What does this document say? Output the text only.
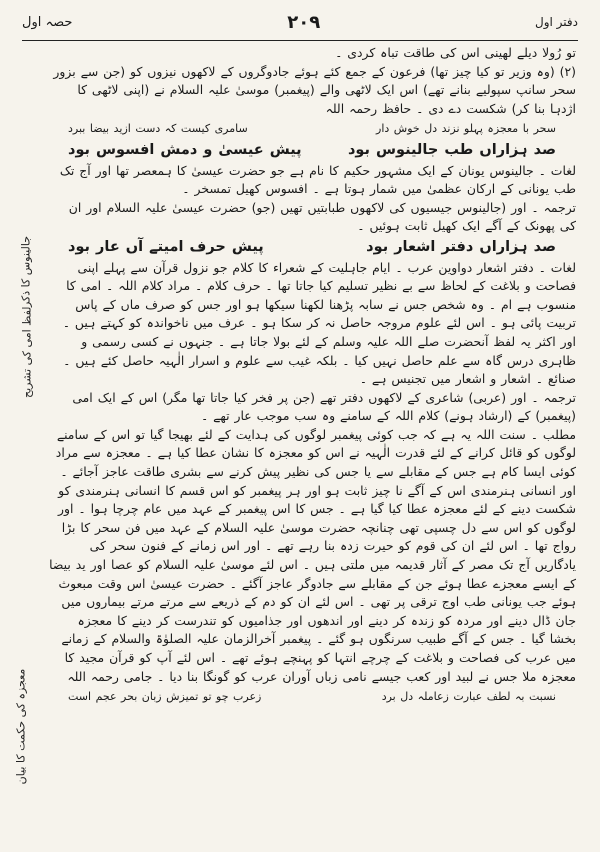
دفتر اول
۲۰۹
حصہ اول

تو رُولا دیلے لھینی اس کی طاقت تباہ کردی ۔

(۲) (وہ وزیر تو کیا چیز تھا) فرعون کے جمع کئے ہوئے جادوگروں کے لاکھوں نیزوں کو (جن سے بزور سحر سانپ سپولیے بنانے تھے) اس ایک لاٹھی والے (پیغمبر) موسیٰ علیہ السلام نے (اپنی لاٹھی کا اژدہا بنا کر) شکست دے دی ۔ حافظ رحمہ اللہ

سحر با معجزہ پہلو نزند دل خوش دار
سامری کیست کہ دست ازید بیضا ببرد
صد ہزاراں طب جالینوس بود
پیش عیسیٰ و دمش افسوس بود

لغات ۔ جالینوس یونان کے ایک مشہور حکیم کا نام ہے جو حضرت عیسیٰ کا ہمعصر تھا اور آج تک طب یونانی کے ارکان عظمیٰ میں شمار ہوتا ہے ۔ افسوس کھیل تمسخر ۔

ترجمہ ۔ اور (جالینوس جیسیوں کی لاکھوں طبابتیں تھیں (جو) حضرت عیسیٰ علیہ السلام اور ان کی پھونک کے آگے ایک کھیل ثابت ہوئیں ۔

صد ہزاراں دفتر اشعار بود
پیش حرف امیتے آں عار بود

لغات ۔ دفتر اشعار دواوین عرب ۔ ایام جاہلیت کے شعراء کا کلام جو نزول قرآن سے پہلے اپنی فصاحت و بلاغت کے لحاظ سے بے نظیر تسلیم کیا جاتا تھا ۔ حرف کلام ۔ مراد کلام اللہ ۔ امی کا منسوب ہے ام ۔ وہ شخص جس نے سابہ پڑھنا لکھنا سیکھا ہو اور جس کو صرف ماں کے پاس تربیت پائی ہو ۔ اس لئے علوم مروجہ حاصل نہ کر سکا ہو ۔ عرف میں ناخواندہ کو کہتے ہیں ۔ اور اکثر یہ لفظ آنحضرت صلے اللہ علیہ وسلم کے لئے بولا جاتا ہے ۔ جنہوں نے کسی رسمی و ظاہری درس گاہ سے علم حاصل نہیں کیا ۔ بلکہ غیب سے علوم و اسرار الٰہیہ حاصل کئے ہیں ۔

صنائع ۔ اشعار و اشعار میں تجنیس ہے ۔

ترجمہ ۔ اور (عربی) شاعری کے لاکھوں دفتر تھے (جن پر فخر کیا جاتا تھا مگر) اس کے ایک امی (پیغمبر) کے (ارشاد ہونے) کلام اللہ کے سامنے وہ سب موجب عار تھے ۔

مطلب ۔ سنت اللہ یہ ہے کہ جب کوئی پیغمبر لوگوں کی ہدایت کے لئے بھیجا گیا تو اس کے سامنے لوگوں کو قائل کرانے کے لئے قدرت الٰہیہ نے اس کو معجزہ کا نشان عطا کیا ہے ۔ معجزہ سے مراد کوئی ایسا کام ہے جس کے مقابلے سے یا جس کی نظیر پیش کرنے سے بشری طاقت عاجز آجائے ۔ اور انسانی ہنرمندی اس کے آگے نا چیز ثابت ہو اور ہر پیغمبر کو اس قسم کا انسانی ہنرمندی کو شکست دینے کے لئے معجزہ عطا کیا گیا ہے ۔ جس کا اس پیغمبر کے عہد میں عام چرچا ہوا ۔ اور لوگوں کو اس سے دل چسپی تھی چنانچہ حضرت موسیٰ علیہ السلام کے عہد میں فن سحر کا بڑا رواج تھا ۔ اس لئے ان کی قوم کو حیرت زدہ بنا رہے تھے ۔ اور اس زمانے کے فنون سحر کی یادگاریں آج تک مصر کے آثار قدیمہ میں ملتی ہیں ۔ اس لئے موسیٰ علیہ السلام کو عصا اور ید بیضا کے ایسے معجزے عطا ہوئے جن کے مقابلے سے جادوگر عاجز آگئے ۔ حضرت عیسیٰ اس وقت مبعوث ہوئے جب یونانی طب اوج ترقی پر تھی ۔ اس لئے ان کو دم کے ذریعے سے مرتے مرتے بیماروں میں جان ڈال دینے اور مردہ کو زندہ کر دینے اور اندھوں اور جذامیوں کو تندرست کر دینے کا معجزہ بخشا گیا ۔ جس کے آگے طبیب سرنگوں ہو گئے ۔ پیغمبر آخرالزمان علیہ الصلوٰۃ والسلام کے زمانے میں عرب کی فصاحت و بلاغت کے چرچے انتہا کو پہنچے ہوئے تھے ۔ اس لئے آپ کو قرآن مجید کا معجزہ ملا جس نے لبید اور کعب جیسے نامی زباں آوران عرب کو گونگا بنا دیا ۔ جامی رحمہ اللہ

نسبت بہ لطف عبارت زعاملہ دل برد
زعرب چو تو تمیزش زبان بحر عجم است
جالینوس کا ذکر
لفظ امی کی تشریح
معجزہ کی حکمت کا بیان
